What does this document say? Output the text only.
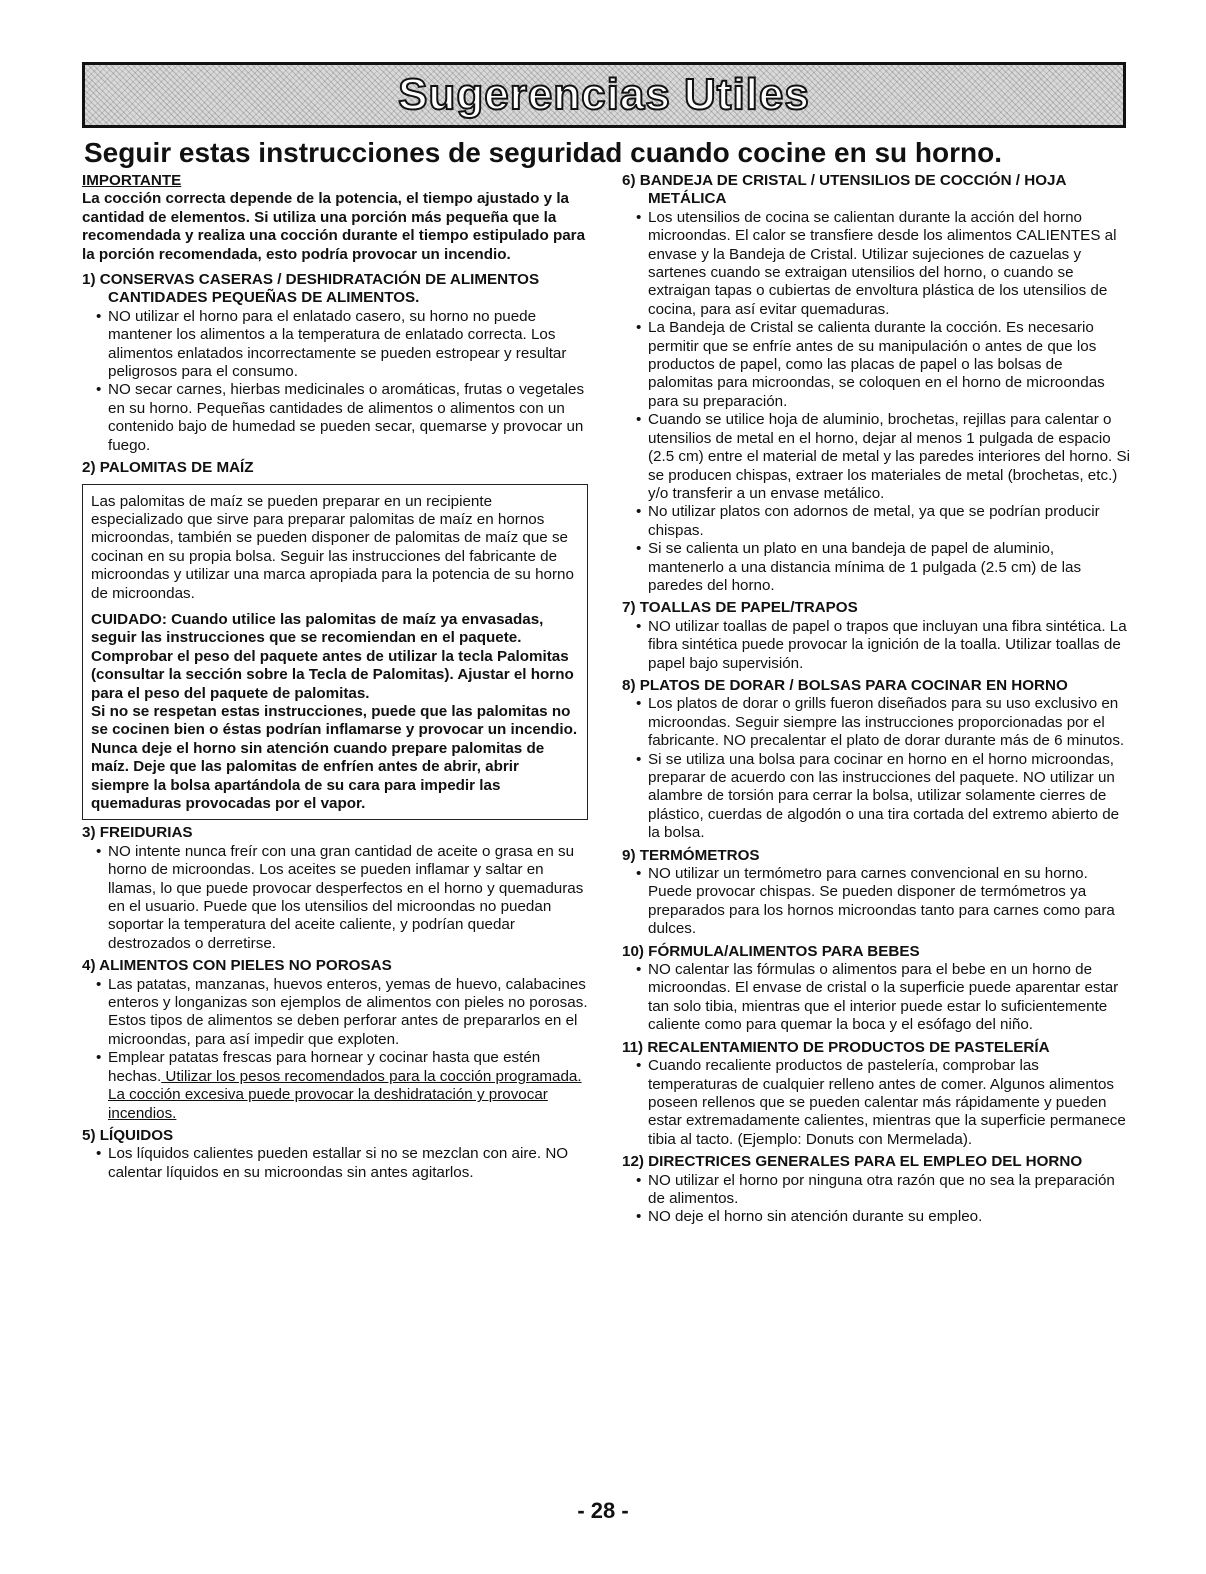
Sugerencias Utiles
Seguir estas instrucciones de seguridad cuando cocine en su horno.
IMPORTANTE
La cocción correcta depende de la potencia, el tiempo ajustado y la cantidad de elementos. Si utiliza una porción más pequeña que la recomendada y realiza una cocción durante el tiempo estipulado para la porción recomendada, esto podría provocar un incendio.
1) CONSERVAS CASERAS / DESHIDRATACIÓN DE ALIMENTOS CANTIDADES PEQUEÑAS DE ALIMENTOS.
• NO utilizar el horno para el enlatado casero, su horno no puede mantener los alimentos a la temperatura de enlatado correcta. Los alimentos enlatados incorrectamente se pueden estropear y resultar peligrosos para el consumo.
• NO secar carnes, hierbas medicinales o aromáticas, frutas o vegetales en su horno. Pequeñas cantidades de alimentos o alimentos con un contenido bajo de humedad se pueden secar, quemarse y provocar un fuego.
2) PALOMITAS DE MAÍZ
Las palomitas de maíz se pueden preparar en un recipiente especializado que sirve para preparar palomitas de maíz en hornos microondas, también se pueden disponer de palomitas de maíz que se cocinan en su propia bolsa. Seguir las instrucciones del fabricante de microondas y utilizar una marca apropiada para la potencia de su horno de microondas.
CUIDADO: Cuando utilice las palomitas de maíz ya envasadas, seguir las instrucciones que se recomiendan en el paquete. Comprobar el peso del paquete antes de utilizar la tecla Palomitas (consultar la sección sobre la Tecla de Palomitas). Ajustar el horno para el peso del paquete de palomitas.
Si no se respetan estas instrucciones, puede que las palomitas no se cocinen bien o éstas podrían inflamarse y provocar un incendio. Nunca deje el horno sin atención cuando prepare palomitas de maíz. Deje que las palomitas de enfríen antes de abrir, abrir siempre la bolsa apartándola de su cara para impedir las quemaduras provocadas por el vapor.
3) FREIDURIAS
• NO intente nunca freír con una gran cantidad de aceite o grasa en su horno de microondas. Los aceites se pueden inflamar y saltar en llamas, lo que puede provocar desperfectos en el horno y quemaduras en el usuario. Puede que los utensilios del microondas no puedan soportar la temperatura del aceite caliente, y podrían quedar destrozados o derretirse.
4) ALIMENTOS CON PIELES NO POROSAS
• Las patatas, manzanas, huevos enteros, yemas de huevo, calabacines enteros y longanizas son ejemplos de alimentos con pieles no porosas. Estos tipos de alimentos se deben perforar antes de prepararlos en el microondas, para así impedir que exploten.
• Emplear patatas frescas para hornear y cocinar hasta que estén hechas. Utilizar los pesos recomendados para la cocción programada. La cocción excesiva puede provocar la deshidratación y provocar incendios.
5) LÍQUIDOS
• Los líquidos calientes pueden estallar si no se mezclan con aire. NO calentar líquidos en su microondas sin antes agitarlos.
6) BANDEJA DE CRISTAL / UTENSILIOS DE COCCIÓN / HOJA METÁLICA
• Los utensilios de cocina se calientan durante la acción del horno microondas. El calor se transfiere desde los alimentos CALIENTES al envase y la Bandeja de Cristal. Utilizar sujeciones de cazuelas y sartenes cuando se extraigan utensilios del horno, o cuando se extraigan tapas o cubiertas de envoltura plástica de los utensilios de cocina, para así evitar quemaduras.
• La Bandeja de Cristal se calienta durante la cocción. Es necesario permitir que se enfríe antes de su manipulación o antes de que los productos de papel, como las placas de papel o las bolsas de palomitas para microondas, se coloquen en el horno de microondas para su preparación.
• Cuando se utilice hoja de aluminio, brochetas, rejillas para calentar o utensilios de metal en el horno, dejar al menos 1 pulgada de espacio (2.5 cm) entre el material de metal y las paredes interiores del horno. Si se producen chispas, extraer los materiales de metal (brochetas, etc.) y/o transferir a un envase metálico.
• No utilizar platos con adornos de metal, ya que se podrían producir chispas.
• Si se calienta un plato en una bandeja de papel de aluminio, mantenerlo a una distancia mínima de 1 pulgada (2.5 cm) de las paredes del horno.
7) TOALLAS DE PAPEL/TRAPOS
• NO utilizar toallas de papel o trapos que incluyan una fibra sintética. La fibra sintética puede provocar la ignición de la toalla. Utilizar toallas de papel bajo supervisión.
8) PLATOS DE DORAR / BOLSAS PARA COCINAR EN HORNO
• Los platos de dorar o grills fueron diseñados para su uso exclusivo en microondas. Seguir siempre las instrucciones proporcionadas por el fabricante. NO precalentar el plato de dorar durante más de 6 minutos.
• Si se utiliza una bolsa para cocinar en horno en el horno microondas, preparar de acuerdo con las instrucciones del paquete. NO utilizar un alambre de torsión para cerrar la bolsa, utilizar solamente cierres de plástico, cuerdas de algodón o una tira cortada del extremo abierto de la bolsa.
9) TERMÓMETROS
• NO utilizar un termómetro para carnes convencional en su horno. Puede provocar chispas. Se pueden disponer de termómetros ya preparados para los hornos microondas tanto para carnes como para dulces.
10) FÓRMULA/ALIMENTOS PARA BEBES
• NO calentar las fórmulas o alimentos para el bebe en un horno de microondas. El envase de cristal o la superficie puede aparentar estar tan solo tibia, mientras que el interior puede estar lo suficientemente caliente como para quemar la boca y el esófago del niño.
11) RECALENTAMIENTO DE PRODUCTOS DE PASTELERÍA
• Cuando recaliente productos de pastelería, comprobar las temperaturas de cualquier relleno antes de comer. Algunos alimentos poseen rellenos que se pueden calentar más rápidamente y pueden estar extremadamente calientes, mientras que la superficie permanece tibia al tacto. (Ejemplo: Donuts con Mermelada).
12) DIRECTRICES GENERALES PARA EL EMPLEO DEL HORNO
• NO utilizar el horno por ninguna otra razón que no sea la preparación de alimentos.
• NO deje el horno sin atención durante su empleo.
- 28 -
